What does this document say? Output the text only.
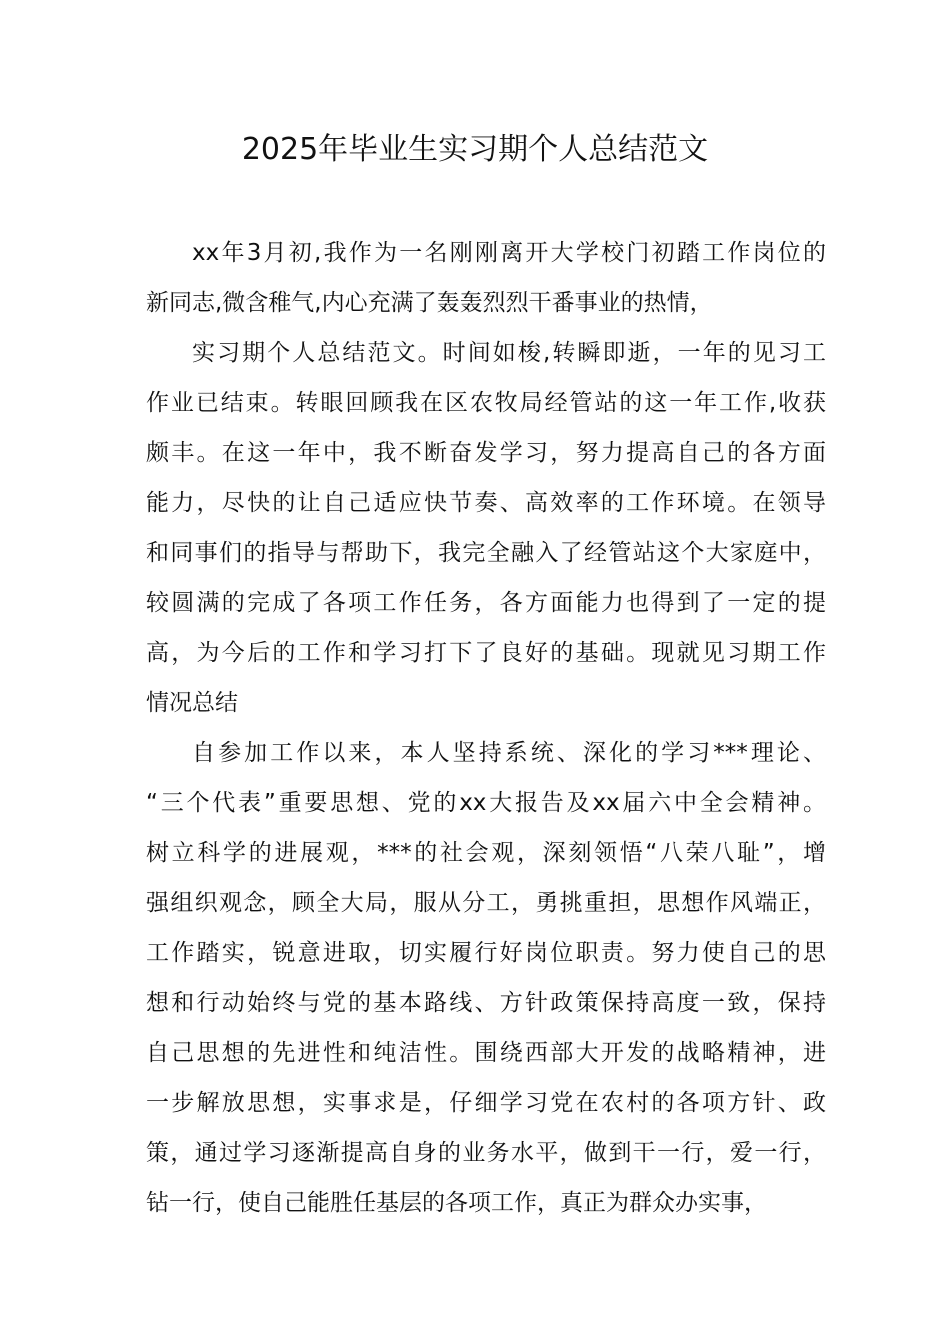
2025年毕业生实习期个人总结范文
xx年3月初,我作为一名刚刚离开大学校门初踏工作岗位的
新同志,微含稚气,内心充满了轰轰烈烈干番事业的热情，
实习期个人总结范文。时间如梭,转瞬即逝，一年的见习工
作业已结束。转眼回顾我在区农牧局经管站的这一年工作,收获
颇丰。在这一年中，我不断奋发学习，努力提高自己的各方面
能力，尽快的让自己适应快节奏、高效率的工作环境。在领导
和同事们的指导与帮助下，我完全融入了经管站这个大家庭中，
较圆满的完成了各项工作任务，各方面能力也得到了一定的提
高，为今后的工作和学习打下了良好的基础。现就见习期工作
情况总结
自参加工作以来，本人坚持系统、深化的学习***理论、
“三个代表”重要思想、党的xx大报告及xx届六中全会精神。
树立科学的进展观，***的社会观，深刻领悟“八荣八耻”，增
强组织观念，顾全大局，服从分工，勇挑重担，思想作风端正，
工作踏实，锐意进取，切实履行好岗位职责。努力使自己的思
想和行动始终与党的基本路线、方针政策保持高度一致，保持
自己思想的先进性和纯洁性。围绕西部大开发的战略精神，进
一步解放思想，实事求是，仔细学习党在农村的各项方针、政
策，通过学习逐渐提高自身的业务水平，做到干一行，爱一行，
钻一行，使自己能胜任基层的各项工作，真正为群众办实事，
